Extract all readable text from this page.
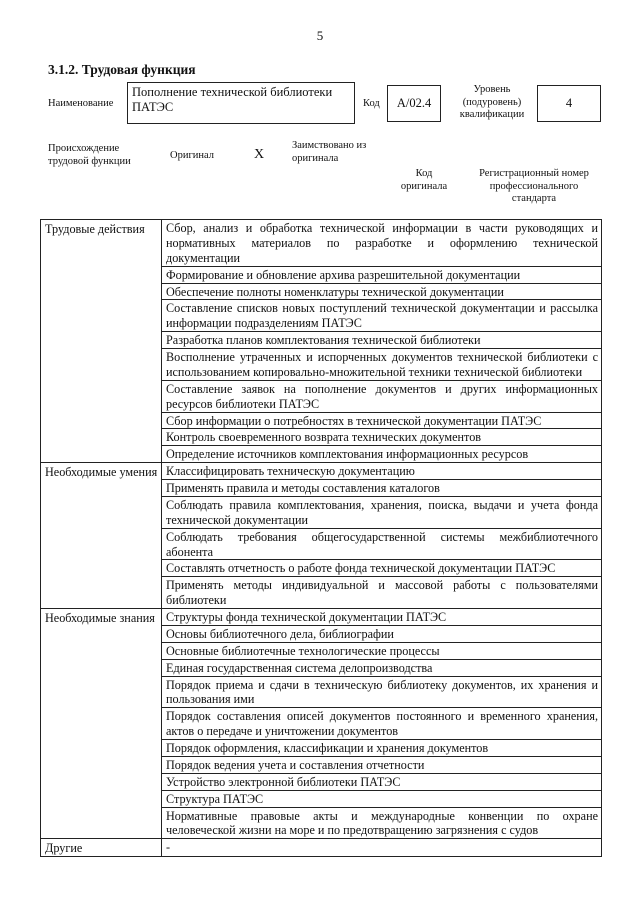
5
3.1.2. Трудовая функция
Наименование
Пополнение технической библиотеки ПАТЭС	Код А/02.4
Уровень (подуровень) квалификации
4
Происхождение трудовой функции
Оригинал	X
Заимствовано из оригинала
Код оригинала
Регистрационный номер профессионального стандарта
Трудовые действия	Сбор, анализ и обработка технической информации в части руководящих и нормативных материалов по разработке и оформлению технической документации
	Формирование и обновление архива разрешительной документации
	Обеспечение полноты номенклатуры технической документации
	Составление списков новых поступлений технической документации и рассылка информации подразделениям ПАТЭС
	Разработка планов комплектования технической библиотеки
	Восполнение утраченных и испорченных документов технической библиотеки с использованием копировально-множительной техники технической библиотеки
	Составление заявок на пополнение документов и других информационных ресурсов библиотеки ПАТЭС
	Сбор информации о потребностях в технической документации ПАТЭС
	Контроль своевременного возврата технических документов
	Определение источников комплектования информационных ресурсов
Необходимые умения	Классифицировать техническую документацию
	Применять правила и методы составления каталогов
	Соблюдать правила комплектования, хранения, поиска, выдачи и учета фонда технической документации
	Соблюдать требования общегосударственной системы межбиблиотечного абонента
	Составлять отчетность о работе фонда технической документации ПАТЭС
	Применять методы индивидуальной и массовой работы с пользователями библиотеки
Необходимые знания	Структуры фонда технической документации ПАТЭС
	Основы библиотечного дела, библиографии
	Основные библиотечные технологические процессы
	Единая государственная система делопроизводства
	Порядок приема и сдачи в техническую библиотеку документов, их хранения и пользования ими
	Порядок составления описей документов постоянного и временного хранения, актов о передаче и уничтожении документов
	Порядок оформления, классификации и хранения документов
	Порядок ведения учета и составления отчетности
	Устройство электронной библиотеки ПАТЭС
	Структура ПАТЭС
	Нормативные правовые акты и международные конвенции по охране человеческой жизни на море и по предотвращению загрязнения с судов
Другие	-
